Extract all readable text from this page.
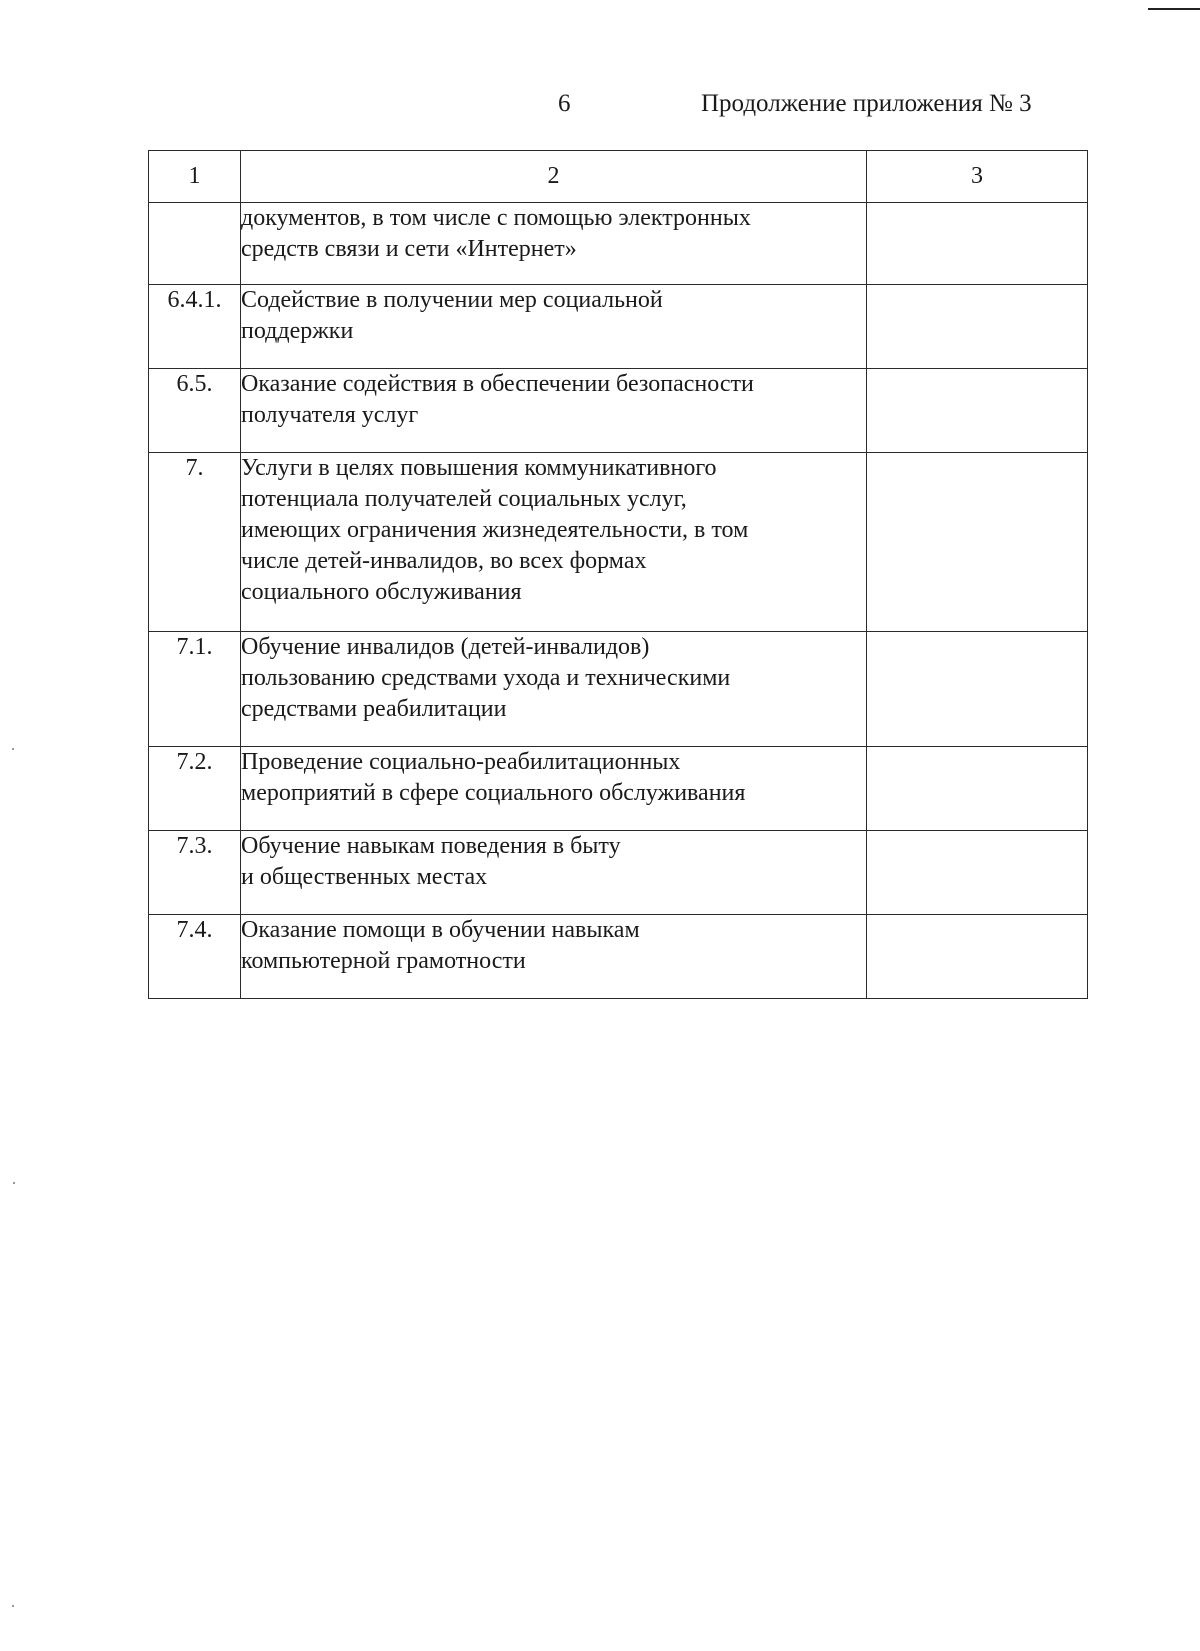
6	Продолжение приложения № 3
1	2	3

	документов, в том числе с помощью электронных
средств связи и сети «Интернет»	

6.4.1.	Содействие в получении мер социальной
поддержки	

6.5.	Оказание содействия в обеспечении безопасности
получателя услуг	

7.	Услуги в целях повышения коммуникативного
потенциала получателей социальных услуг,
имеющих ограничения жизнедеятельности, в том
числе детей-инвалидов, во всех формах
социального обслуживания	

7.1.	Обучение инвалидов (детей-инвалидов)
пользованию средствами ухода и техническими
средствами реабилитации	

7.2.	Проведение социально-реабилитационных
мероприятий в сфере социального обслуживания	

7.3.	Обучение навыкам поведения в быту
и общественных местах	

7.4.	Оказание помощи в обучении навыкам
компьютерной грамотности	
